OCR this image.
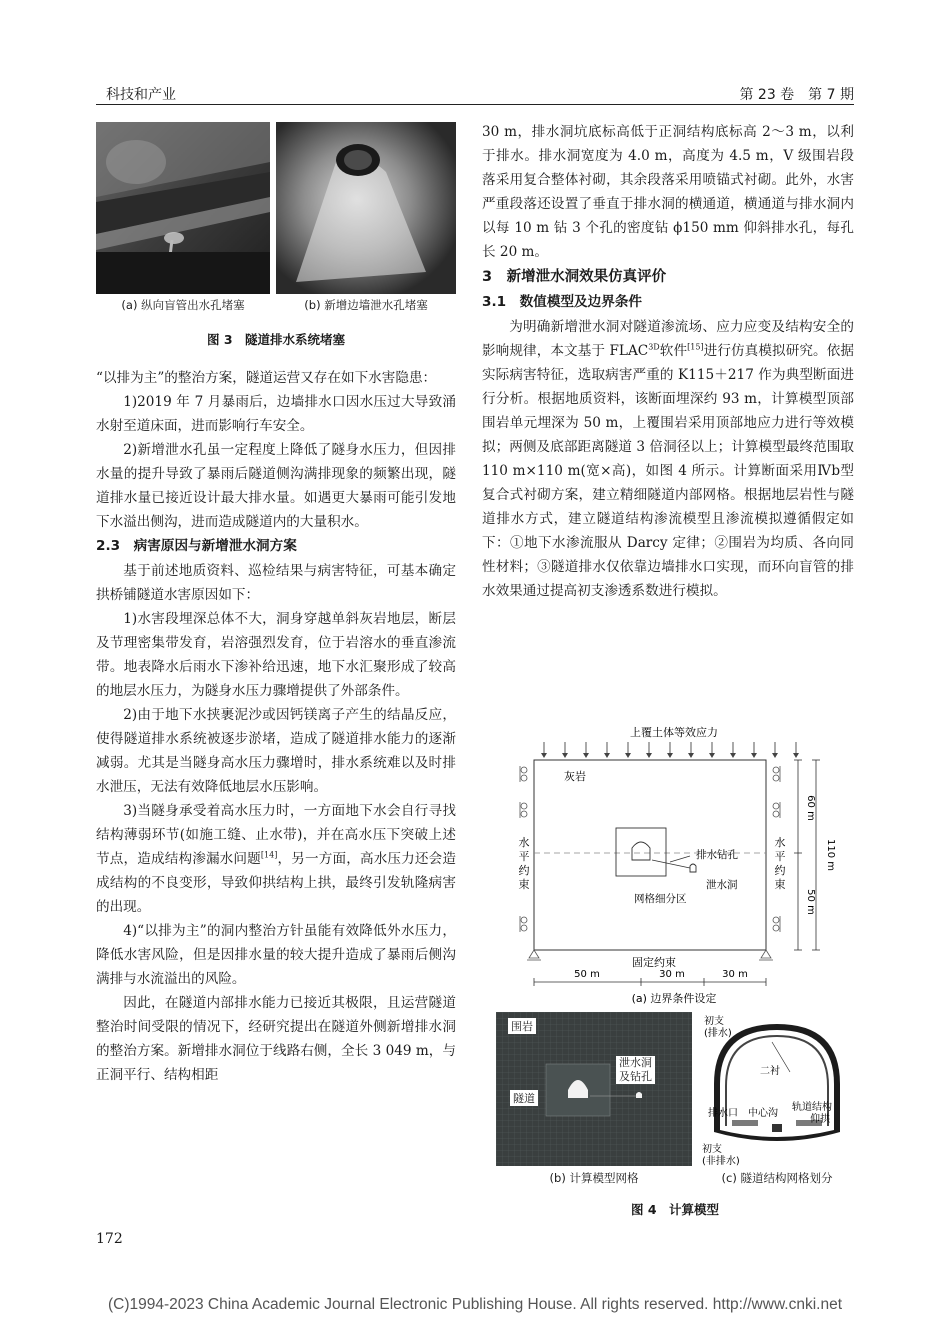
科技和产业	第 23 卷　第 7 期
(a) 纵向盲管出水孔堵塞	(b) 新增边墙泄水孔堵塞
图 3　隧道排水系统堵塞

“以排为主”的整治方案，隧道运营又存在如下水害隐患：

1)2019 年 7 月暴雨后，边墙排水口因水压过大导致涌水射至道床面，进而影响行车安全。

2)新增泄水孔虽一定程度上降低了隧身水压力，但因排水量的提升导致了暴雨后隧道侧沟满排现象的频繁出现，隧道排水量已接近设计最大排水量。如遇更大暴雨可能引发地下水溢出侧沟，进而造成隧道内的大量积水。

2.3　病害原因与新增泄水洞方案

基于前述地质资料、巡检结果与病害特征，可基本确定拱桥铺隧道水害原因如下：

1)水害段埋深总体不大，洞身穿越单斜灰岩地层，断层及节理密集带发育，岩溶强烈发育，位于岩溶水的垂直渗流带。地表降水后雨水下渗补给迅速，地下水汇聚形成了较高的地层水压力，为隧身水压力骤增提供了外部条件。

2)由于地下水挟裹泥沙或因钙镁离子产生的结晶反应，使得隧道排水系统被逐步淤堵，造成了隧道排水能力的逐渐减弱。尤其是当隧身高水压力骤增时，排水系统难以及时排水泄压，无法有效降低地层水压影响。

3)当隧身承受着高水压力时，一方面地下水会自行寻找结构薄弱环节(如施工缝、止水带)，并在高水压下突破上述节点，造成结构渗漏水问题[14]，另一方面，高水压力还会造成结构的不良变形，导致仰拱结构上拱，最终引发轨隆病害的出现。

4)“以排为主”的洞内整治方针虽能有效降低外水压力，降低水害风险，但是因排水量的较大提升造成了暴雨后侧沟满排与水流溢出的风险。

因此，在隧道内部排水能力已接近其极限，且运营隧道整治时间受限的情况下，经研究提出在隧道外侧新增排水洞的整治方案。新增排水洞位于线路右侧，全长 3 049 m，与正洞平行、结构相距

30 m，排水洞坑底标高低于正洞结构底标高 2～3 m，以利于排水。排水洞宽度为 4.0 m，高度为 4.5 m，V 级围岩段落采用复合整体衬砌，其余段落采用喷锚式衬砌。此外，水害严重段落还设置了垂直于排水洞的横通道，横通道与排水洞内以每 10 m 钻 3 个孔的密度钻 ϕ150 mm 仰斜排水孔，每孔长 20 m。

3　新增泄水洞效果仿真评价

3.1　数值模型及边界条件

为明确新增泄水洞对隧道渗流场、应力应变及结构安全的影响规律，本文基于 $FLAC^{3D}$软件[15]进行仿真模拟研究。依据实际病害特征，选取病害严重的 K115＋217 作为典型断面进行分析。根据地质资料，该断面埋深约 93 m，计算模型顶部围岩单元埋深为 50 m，上覆围岩采用顶部地应力进行等效模拟；两侧及底部距离隧道 3 倍洞径以上；计算模型最终范围取 110 m×110 m(宽×高)，如图 4 所示。计算断面采用Ⅳb型复合式衬砌方案，建立精细隧道内部网格。根据地层岩性与隧道排水方式，建立隧道结构渗流模型且渗流模拟遵循假定如下：①地下水渗流服从 Darcy 定律；②围岩为均质、各向同性材料；③隧道排水仅依靠边墙排水口实现，而环向盲管的排水效果通过提高初支渗透系数进行模拟。

上覆土体等效应力
灰岩
排水钻孔
泄水洞
网格细分区
水
平
约
束
水
平
约
束
固定约束
60 m
50 m
110 m
50 m	30 m	30 m
(a) 边界条件设定
围岩
泄水洞
及钻孔
隧道
(b) 计算模型网格
初支
(排水)
二衬
排水口 中心沟
轨道结构
仰拱
初支
(非排水)
(c) 隧道结构网格划分
图 4　计算模型
172
(C)1994-2023 China Academic Journal Electronic Publishing House. All rights reserved. http://www.cnki.net
